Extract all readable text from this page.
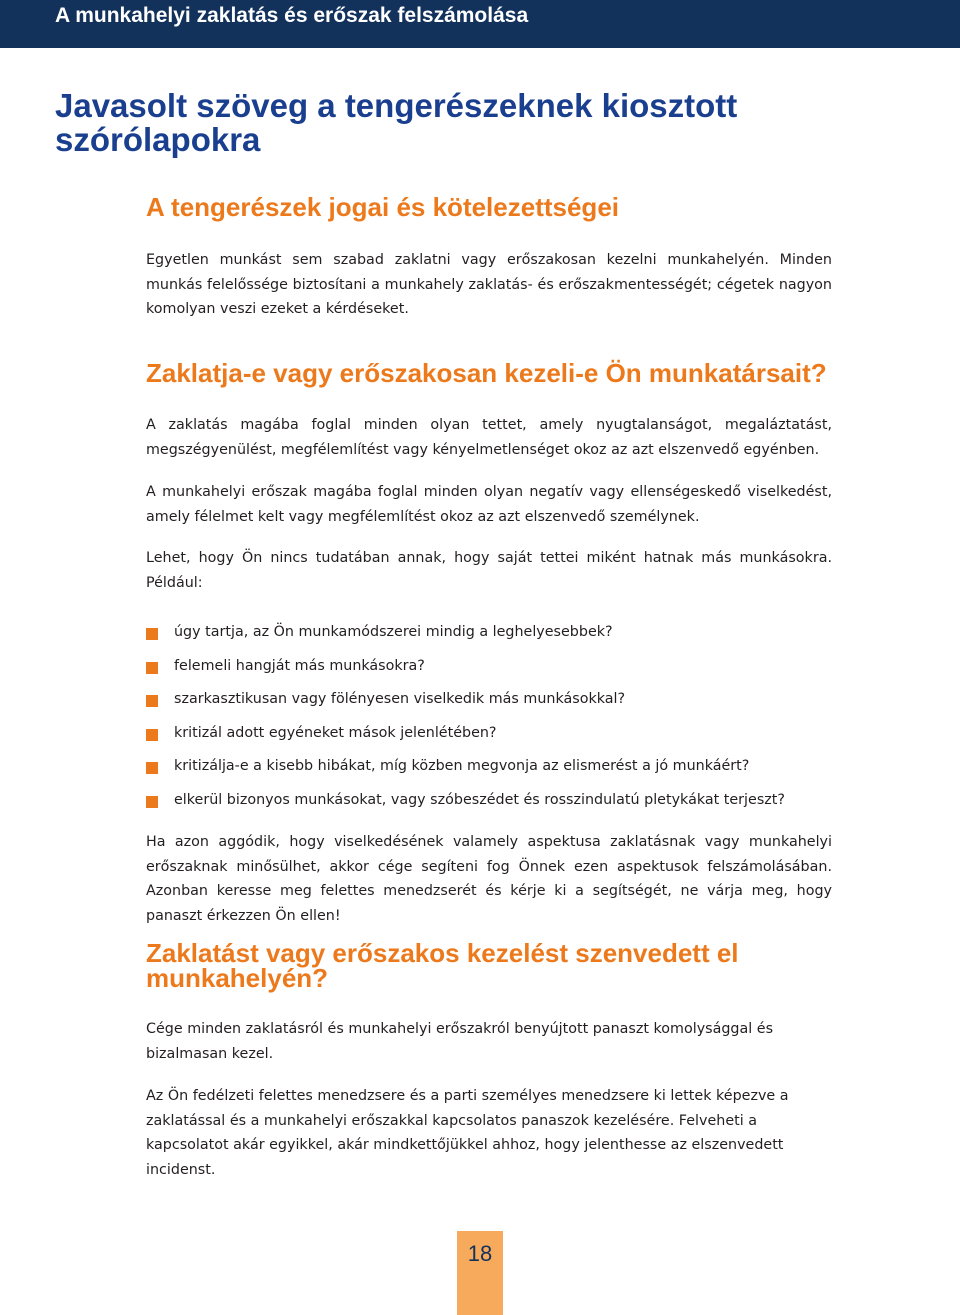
A munkahelyi zaklatás és erőszak felszámolása
Javasolt szöveg a tengerészeknek kiosztott szórólapokra
A tengerészek jogai és kötelezettségei

Egyetlen munkást sem szabad zaklatni vagy erőszakosan kezelni munkahelyén. Minden munkás felelőssége biztosítani a munkahely zaklatás- és erőszakmentességét; cégetek nagyon komolyan veszi ezeket a kérdéseket.

Zaklatja-e vagy erőszakosan kezeli-e Ön munkatársait?

A zaklatás magába foglal minden olyan tettet, amely nyugtalanságot, megaláztatást, megszégyenülést, megfélemlítést vagy kényelmetlenséget okoz az azt elszenvedő egyénben.

A munkahelyi erőszak magába foglal minden olyan negatív vagy ellenségeskedő viselkedést, amely félelmet kelt vagy megfélemlítést okoz az azt elszenvedő személynek.

Lehet, hogy Ön nincs tudatában annak, hogy saját tettei miként hatnak más munkásokra. Például:

úgy tartja, az Ön munkamódszerei mindig a leghelyesebbek?
felemeli hangját más munkásokra?
szarkasztikusan vagy fölényesen viselkedik más munkásokkal?
kritizál adott egyéneket mások jelenlétében?
kritizálja-e a kisebb hibákat, míg közben megvonja az elismerést a jó munkáért?
elkerül bizonyos munkásokat, vagy szóbeszédet és rosszindulatú pletykákat terjeszt?

Ha azon aggódik, hogy viselkedésének valamely aspektusa zaklatásnak vagy munkahelyi erőszaknak minősülhet, akkor cége segíteni fog Önnek ezen aspektusok felszámolásában. Azonban keresse meg felettes menedzserét és kérje ki a segítségét, ne várja meg, hogy panaszt érkezzen Ön ellen!

Zaklatást vagy erőszakos kezelést szenvedett el munkahelyén?

Cége minden zaklatásról és munkahelyi erőszakról benyújtott panaszt komolysággal és bizalmasan kezel.

Az Ön fedélzeti felettes menedzsere és a parti személyes menedzsere ki lettek képezve a zaklatással és a munkahelyi erőszakkal kapcsolatos panaszok kezelésére. Felveheti a kapcsolatot akár egyikkel, akár mindkettőjükkel ahhoz, hogy jelenthesse az elszenvedett incidenst.

18
